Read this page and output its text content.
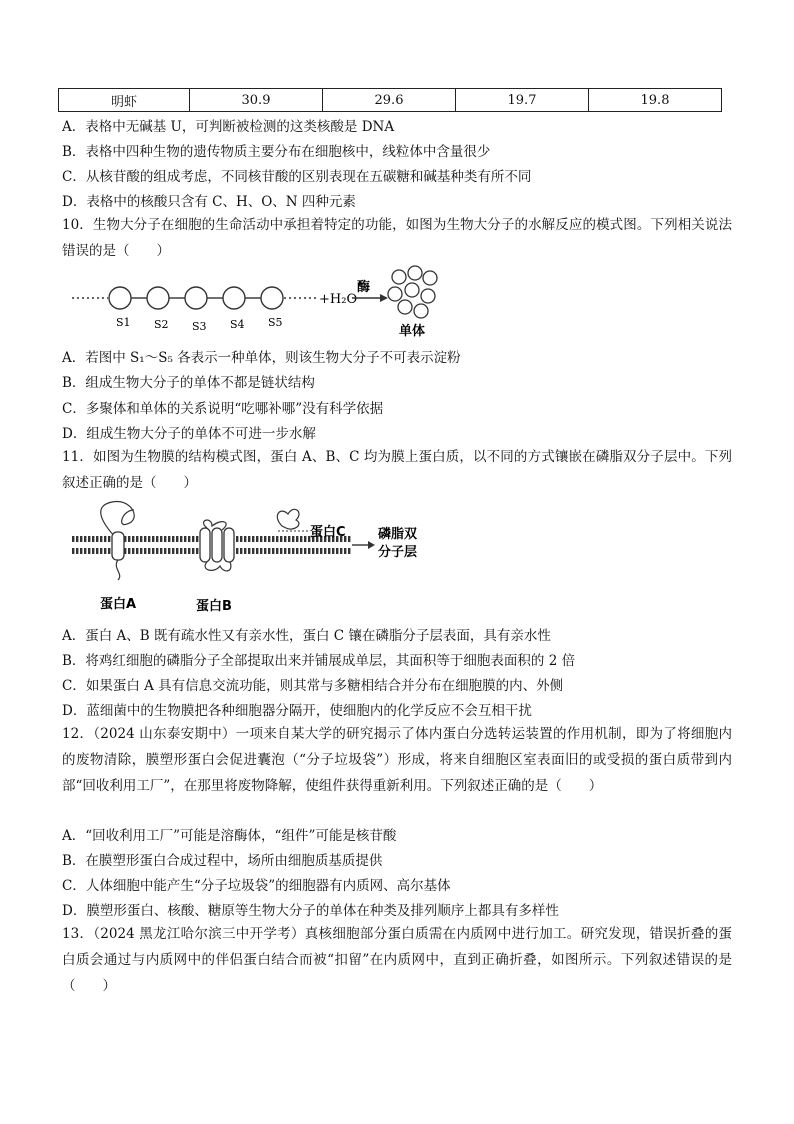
明虾	30.9	29.6	19.7	19.8
A．表格中无碱基 U，可判断被检测的这类核酸是 DNA
B．表格中四种生物的遗传物质主要分布在细胞核中，线粒体中含量很少
C．从核苷酸的组成考虑，不同核苷酸的区别表现在五碳糖和碱基种类有所不同
D．表格中的核酸只含有 C、H、O、N 四种元素
10．生物大分子在细胞的生命活动中承担着特定的功能，如图为生物大分子的水解反应的模式图。下列相关说法错误的是（　　）
S1 S2 S3 S4 S5
+H₂O
酶
单体
A．若图中 S₁～S₅ 各表示一种单体，则该生物大分子不可表示淀粉
B．组成生物大分子的单体不都是链状结构
C．多聚体和单体的关系说明“吃哪补哪”没有科学依据
D．组成生物大分子的单体不可进一步水解
11．如图为生物膜的结构模式图，蛋白 A、B、C 均为膜上蛋白质，以不同的方式镶嵌在磷脂双分子层中。下列叙述正确的是（　　）
蛋白C 磷脂双
分子层
蛋白A	蛋白B
A．蛋白 A、B 既有疏水性又有亲水性，蛋白 C 镶在磷脂分子层表面，具有亲水性
B．将鸡红细胞的磷脂分子全部提取出来并铺展成单层，其面积等于细胞表面积的 2 倍
C．如果蛋白 A 具有信息交流功能，则其常与多糖相结合并分布在细胞膜的内、外侧
D．蓝细菌中的生物膜把各种细胞器分隔开，使细胞内的化学反应不会互相干扰
12．（2024 山东泰安期中）一项来自某大学的研究揭示了体内蛋白分选转运装置的作用机制，即为了将细胞内的废物清除，膜塑形蛋白会促进囊泡（“分子垃圾袋”）形成，将来自细胞区室表面旧的或受损的蛋白质带到内部“回收利用工厂”，在那里将废物降解，使组件获得重新利用。下列叙述正确的是（　　）
A．“回收利用工厂”可能是溶酶体，“组件”可能是核苷酸
B．在膜塑形蛋白合成过程中，场所由细胞质基质提供
C．人体细胞中能产生“分子垃圾袋”的细胞器有内质网、高尔基体
D．膜塑形蛋白、核酸、糖原等生物大分子的单体在种类及排列顺序上都具有多样性
13．（2024 黑龙江哈尔滨三中开学考）真核细胞部分蛋白质需在内质网中进行加工。研究发现，错误折叠的蛋白质会通过与内质网中的伴侣蛋白结合而被“扣留”在内质网中，直到正确折叠，如图所示。下列叙述错误的是（　　）
